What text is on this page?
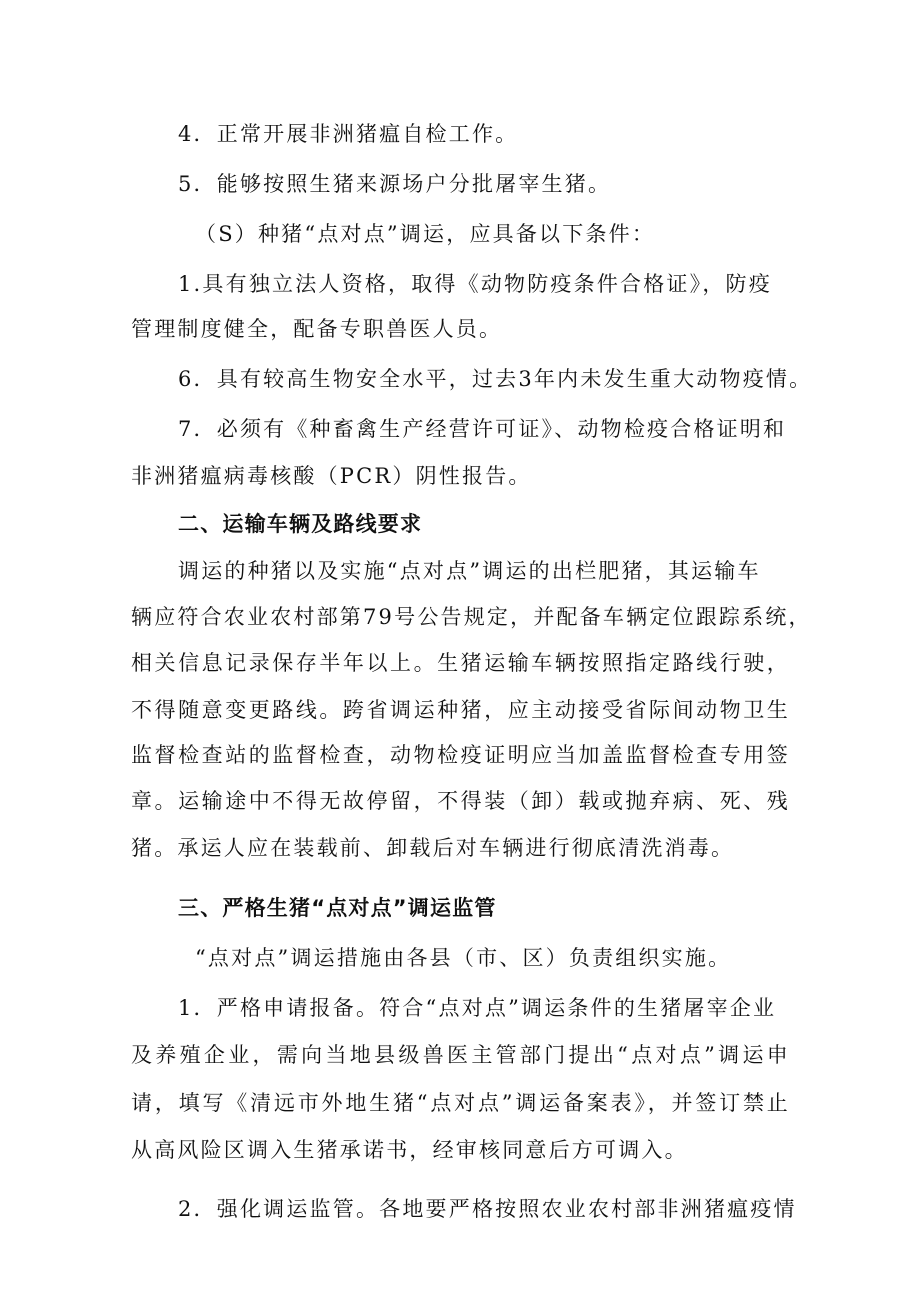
4．正常开展非洲猪瘟自检工作。
5．能够按照生猪来源场户分批屠宰生猪。
（S）种猪“点对点”调运，应具备以下条件：
1.具有独立法人资格，取得《动物防疫条件合格证》，防疫
管理制度健全，配备专职兽医人员。
6．具有较高生物安全水平，过去3年内未发生重大动物疫情。
7．必须有《种畜禽生产经营许可证》、动物检疫合格证明和
非洲猪瘟病毒核酸（PCR）阴性报告。
二、运输车辆及路线要求
调运的种猪以及实施“点对点”调运的出栏肥猪，其运输车
辆应符合农业农村部第79号公告规定，并配备车辆定位跟踪系统，
相关信息记录保存半年以上。生猪运输车辆按照指定路线行驶，
不得随意变更路线。跨省调运种猪，应主动接受省际间动物卫生
监督检查站的监督检查，动物检疫证明应当加盖监督检查专用签
章。运输途中不得无故停留，不得装（卸）载或抛弃病、死、残
猪。承运人应在装载前、卸载后对车辆进行彻底清洗消毒。
三、严格生猪“点对点”调运监管
“点对点”调运措施由各县（市、区）负责组织实施。
1．严格申请报备。符合“点对点”调运条件的生猪屠宰企业
及养殖企业，需向当地县级兽医主管部门提出“点对点”调运申
请，填写《清远市外地生猪“点对点”调运备案表》，并签订禁止
从高风险区调入生猪承诺书，经审核同意后方可调入。
2．强化调运监管。各地要严格按照农业农村部非洲猪瘟疫情
